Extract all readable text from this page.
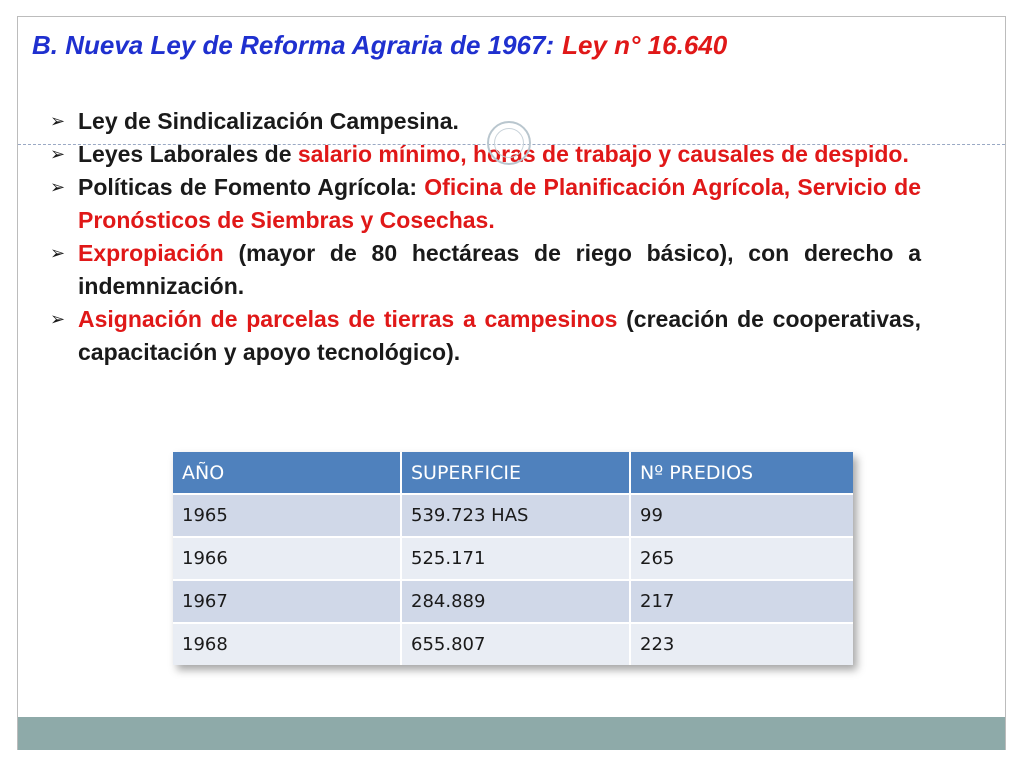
B. Nueva Ley de Reforma Agraria de 1967: Ley n° 16.640
➢ Ley de Sindicalización Campesina.
➢ Leyes Laborales de salario mínimo, horas de trabajo y causales de despido.
➢ Políticas de Fomento Agrícola: Oficina de Planificación Agrícola, Servicio de Pronósticos de Siembras y Cosechas.
➢ Expropiación (mayor de 80 hectáreas de riego básico), con derecho a indemnización.
➢ Asignación de parcelas de tierras a campesinos (creación de cooperativas, capacitación y apoyo tecnológico).
AÑO	SUPERFICIE	Nº PREDIOS
1965	539.723 HAS	99
1966	525.171	265
1967	284.889	217
1968	655.807	223
